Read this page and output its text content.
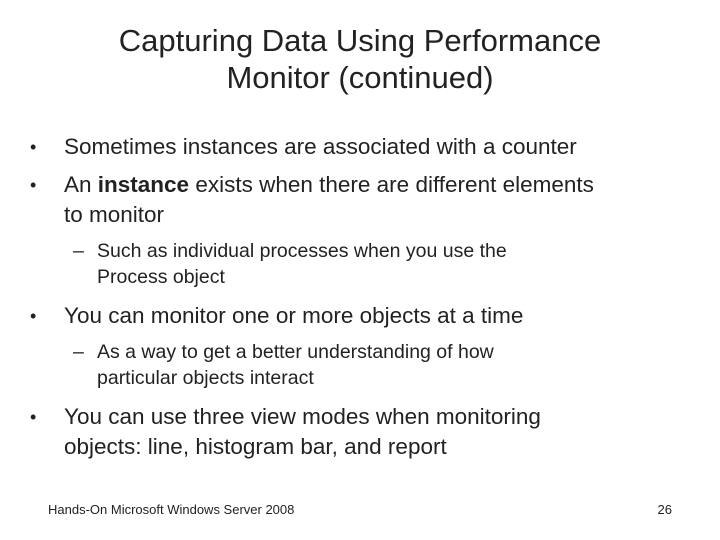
Capturing Data Using Performance
Monitor (continued)
• Sometimes instances are associated with a counter
• An instance exists when there are different elements
to monitor
– Such as individual processes when you use the
Process object
• You can monitor one or more objects at a time
– As a way to get a better understanding of how
particular objects interact
• You can use three view modes when monitoring
objects: line, histogram bar, and report
Hands-On Microsoft Windows Server 2008	26
